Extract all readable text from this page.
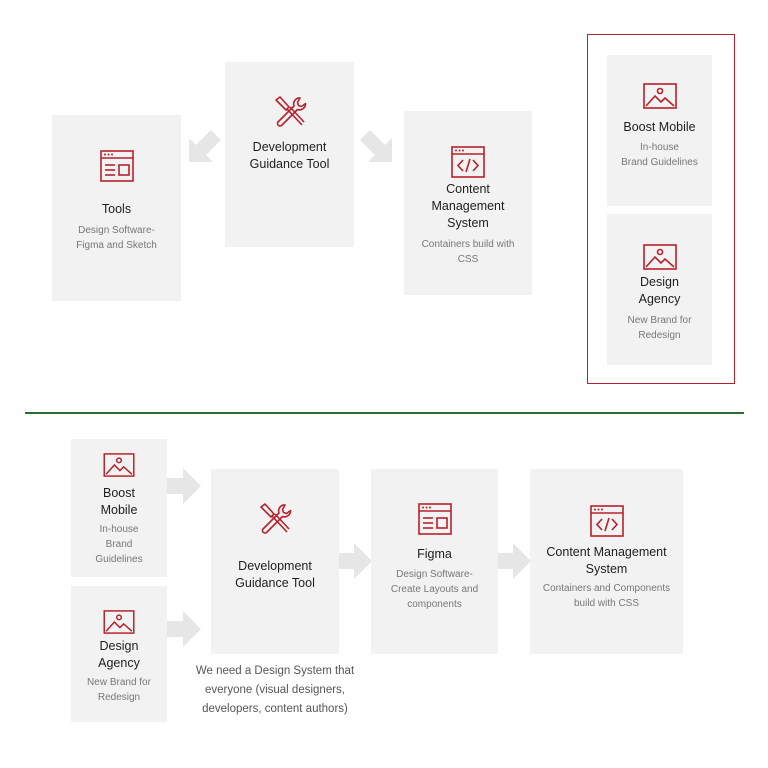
Tools
Design Software-
Figma and Sketch
Development
Guidance Tool
Content
Management
System
Containers build with
CSS
Boost Mobile
In-house
Brand Guidelines
Design
Agency
New Brand for
Redesign
Boost
Mobile
In-house
Brand
Guidelines
Design
Agency
New Brand for
Redesign
Development
Guidance Tool
Figma
Design Software-
Create Layouts and
components
Content Management
System
Containers and Components
build with CSS
We need a Design System that everyone (visual designers, developers, content authors)
